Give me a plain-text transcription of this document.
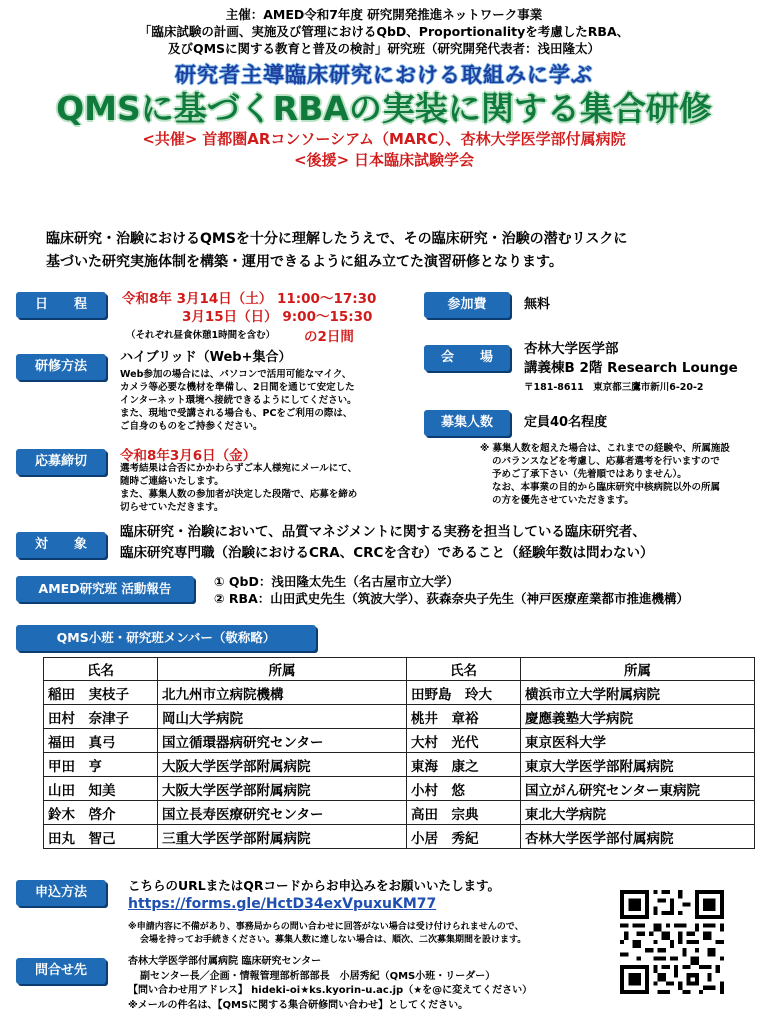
主催：AMED令和7年度 研究開発推進ネットワーク事業
「臨床試験の計画、実施及び管理におけるQbD、Proportionalityを考慮したRBA、
及びQMSに関する教育と普及の検討」研究班（研究開発代表者：浅田隆太）
研究者主導臨床研究における取組みに学ぶ
QMSに基づくRBAの実装に関する集合研修
<共催> 首都圏ARコンソーシアム（MARC）、杏林大学医学部付属病院
<後援> 日本臨床試験学会
臨床研究・治験におけるQMSを十分に理解したうえで、その臨床研究・治験の潜むリスクに
基づいた研究実施体制を構築・運用できるように組み立てた演習研修となります。
日　　程	令和8年 3月14日（土） 11:00～17:30
3月15日（日） 9:00～15:30
（それぞれ昼食休憩1時間を含む） の2日間
研修方法
ハイブリッド（Web+集合）
Web参加の場合には、パソコンで活用可能なマイク、
カメラ等必要な機材を準備し、2日間を通じて安定した
インターネット環境へ接続できるようにしてください。
また、現地で受講される場合も、PCをご利用の際は、
ご自身のものをご持参ください。
応募締切	令和8年3月6日（金）
選考結果は合否にかかわらずご本人様宛にメールにて、
随時ご連絡いたします。
また、募集人数の参加者が決定した段階で、応募を締め
切らせていただきます。
参加費	無料
会　　場
杏林大学医学部
講義棟B 2階 Research Lounge
〒181-8611　東京都三鷹市新川6-20-2
募集人数	定員40名程度
※ 募集人数を超えた場合は、これまでの経験や、所属施設
のバランスなどを考慮し、応募者選考を行いますので
予めご了承下さい（先着順ではありません）。
なお、本事業の目的から臨床研究中核病院以外の所属
の方を優先させていただきます。
対　　象
臨床研究・治験において、品質マネジメントに関する実務を担当している臨床研究者、
臨床研究専門職（治験におけるCRA、CRCを含む）であること（経験年数は問わない）
AMED研究班 活動報告	① QbD：浅田隆太先生（名古屋市立大学）
② RBA：山田武史先生（筑波大学）、荻森奈央子先生（神戸医療産業都市推進機構）
QMS小班・研究班メンバー（敬称略）
氏名	所属	氏名	所属
稲田　実枝子	北九州市立病院機構	田野島　玲大	横浜市立大学附属病院
田村　奈津子	岡山大学病院	桃井　章裕	慶應義塾大学病院
福田　真弓	国立循環器病研究センター	大村　光代	東京医科大学
甲田　亨	大阪大学医学部附属病院	東海　康之	東京大学医学部附属病院
山田　知美	大阪大学医学部附属病院	小村　悠	国立がん研究センター東病院
鈴木　啓介	国立長寿医療研究センター	高田　宗典	東北大学病院
田丸　智己	三重大学医学部附属病院	小居　秀紀	杏林大学医学部付属病院
申込方法	こちらのURLまたはQRコードからお申込みをお願いいたします。
https://forms.gle/HctD34exVpuxuKM77
※申請内容に不備があり、事務局からの問い合わせに回答がない場合は受け付けられませんので、
会場を持ってお手続きください。募集人数に達しない場合は、順次、二次募集期間を設けます。
問合せ先
杏林大学医学部付属病院 臨床研究センター
副センター長／企画・情報管理部析部部長　小居秀紀（QMS小班・リーダー）
【問い合わせ用アドレス】 hideki-oi★ks.kyorin-u.ac.jp（★を@に変えてください）
※メールの件名は、【QMSに関する集合研修問い合わせ】としてください。
